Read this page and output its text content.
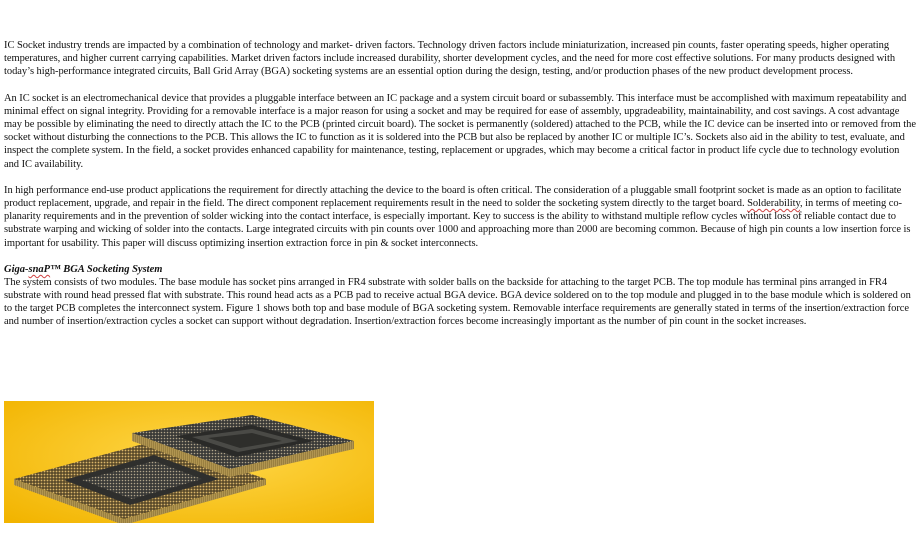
IC Socket industry trends are impacted by a combination of technology and market- driven factors. Technology driven factors include miniaturization, increased pin counts, faster operating speeds, higher operating temperatures, and higher current carrying capabilities. Market driven factors include increased durability, shorter development cycles, and the need for more cost effective solutions. For many products designed with today’s high-performance integrated circuits, Ball Grid Array (BGA) socketing systems are an essential option during the design, testing, and/or production phases of the new product development process.

An IC socket is an electromechanical device that provides a pluggable interface between an IC package and a system circuit board or subassembly. This interface must be accomplished with maximum repeatability and minimal effect on signal integrity. Providing for a removable interface is a major reason for using a socket and may be required for ease of assembly, upgradeability, maintainability, and cost savings. A cost advantage may be possible by eliminating the need to directly attach the IC to the PCB (printed circuit board). The socket is permanently (soldered) attached to the PCB, while the IC device can be inserted into or removed from the socket without disturbing the connections to the PCB. This allows the IC to function as it is soldered into the PCB but also be replaced by another IC or multiple IC’s. Sockets also aid in the ability to test, evaluate, and inspect the complete system. In the field, a socket provides enhanced capability for maintenance, testing, replacement or upgrades, which may become a critical factor in product life cycle due to technology evolution and IC availability.

In high performance end-use product applications the requirement for directly attaching the device to the board is often critical. The consideration of a pluggable small footprint socket is made as an option to facilitate product replacement, upgrade, and repair in the field. The direct component replacement requirements result in the need to solder the socketing system directly to the target board. Solderability, in terms of meeting co-planarity requirements and in the prevention of solder wicking into the contact interface, is especially important. Key to success is the ability to withstand multiple reflow cycles without loss of reliable contact due to substrate warping and wicking of solder into the contacts. Large integrated circuits with pin counts over 1000 and approaching more than 2000 are becoming common. Because of high pin counts a low insertion force is important for usability. This paper will discuss optimizing insertion extraction force in pin & socket interconnects.

Giga-snaP™ BGA Socketing System

The system consists of two modules. The base module has socket pins arranged in FR4 substrate with solder balls on the backside for attaching to the target PCB. The top module has terminal pins arranged in FR4 substrate with round head pressed flat with substrate. This round head acts as a PCB pad to receive actual BGA device. BGA device soldered on to the top module and plugged in to the base module which is soldered on to the target PCB completes the interconnect system. Figure 1 shows both top and base module of BGA socketing system. Removable interface requirements are generally stated in terms of the insertion/extraction force and number of insertion/extraction cycles a socket can support without degradation. Insertion/extraction forces become increasingly important as the number of pin count in the socket increases.
